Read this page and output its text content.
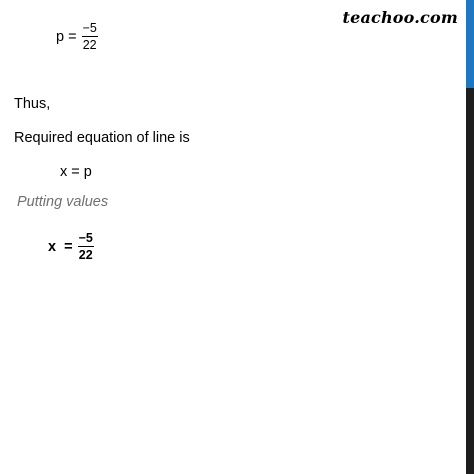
teachoo.com
$p = \frac{-5}{22}$
Thus,
Required equation of line is
x = p
Putting values
$x = \frac{-5}{22}$
